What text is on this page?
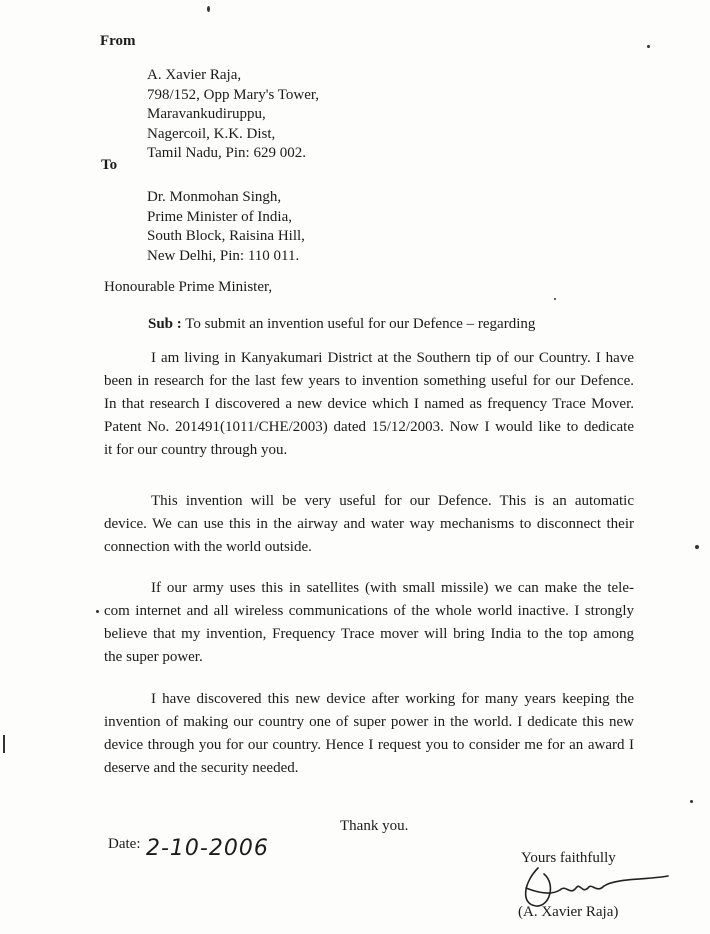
From
A. Xavier Raja,
798/152, Opp Mary's Tower,
Maravankudiruppu,
Nagercoil, K.K. Dist,
Tamil Nadu, Pin: 629 002.
To
Dr. Monmohan Singh,
Prime Minister of India,
South Block, Raisina Hill,
New Delhi, Pin: 110 011.
Honourable Prime Minister,
Sub : To submit an invention useful for our Defence – regarding
I am living in Kanyakumari District at the Southern tip of our Country. I have
been in research for the last few years to invention something useful for our Defence.
In that research I discovered a new device which I named as frequency Trace Mover.
Patent No. 201491(1011/CHE/2003) dated 15/12/2003. Now I would like to dedicate
it for our country through you.
This invention will be very useful for our Defence. This is an automatic
device. We can use this in the airway and water way mechanisms to disconnect their
connection with the world outside.
If our army uses this in satellites (with small missile) we can make the tele-
com internet and all wireless communications of the whole world inactive. I strongly
believe that my invention, Frequency Trace mover will bring India to the top among
the super power.
I have discovered this new device after working for many years keeping the
invention of making our country one of super power in the world. I dedicate this new
device through you for our country. Hence I request you to consider me for an award I
deserve and the security needed.
Thank you.
Date: 2-10-2006	Yours faithfully
(A. Xavier Raja)
